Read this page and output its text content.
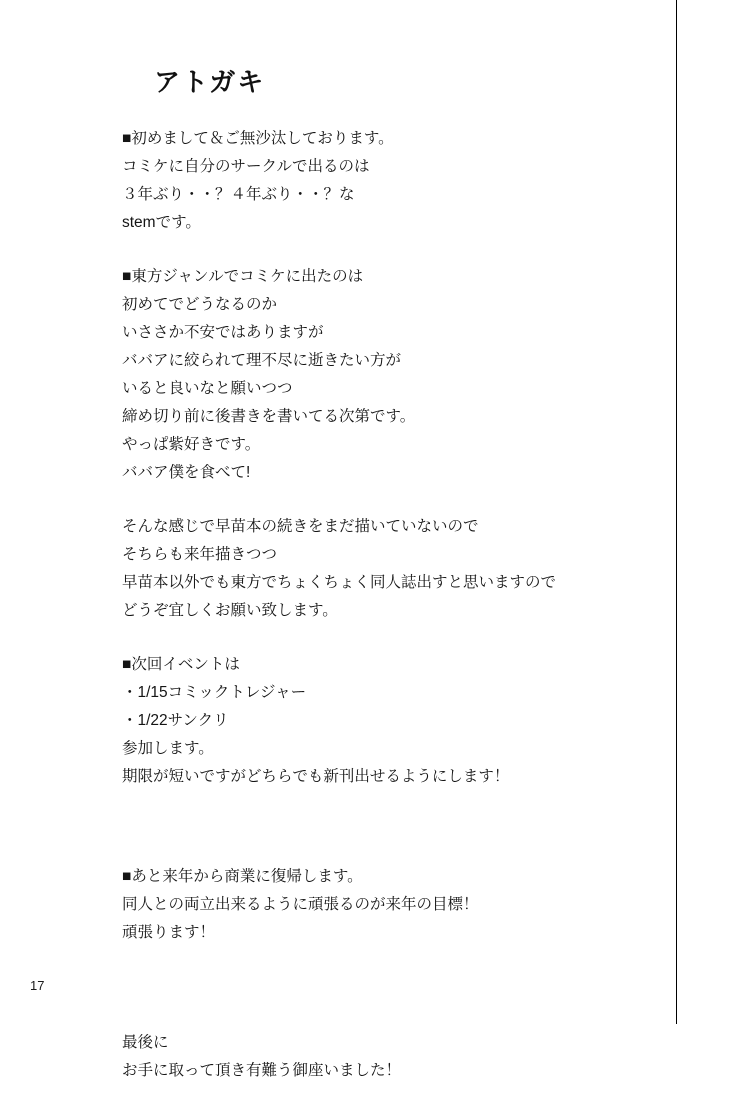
アトガキ
■初めまして＆ご無沙汰しております。
コミケに自分のサークルで出るのは
３年ぶり・・？４年ぶり・・？な
stemです。
■東方ジャンルでコミケに出たのは
初めてでどうなるのか
いささか不安ではありますが
ババアに絞られて理不尽に逝きたい方が
いると良いなと願いつつ
締め切り前に後書きを書いてる次第です。
やっぱ紫好きです。
ババア僕を食べて!
そんな感じで早苗本の続きをまだ描いていないので
そちらも来年描きつつ
早苗本以外でも東方でちょくちょく同人誌出すと思いますので
どうぞ宜しくお願い致します。
■次回イベントは
・1/15コミックトレジャー
・1/22サンクリ
参加します。
期限が短いですがどちらでも新刊出せるようにします！
■あと来年から商業に復帰します。
同人との両立出来るように頑張るのが来年の目標！
頑張ります！
最後に
お手に取って頂き有難う御座いました！
17
